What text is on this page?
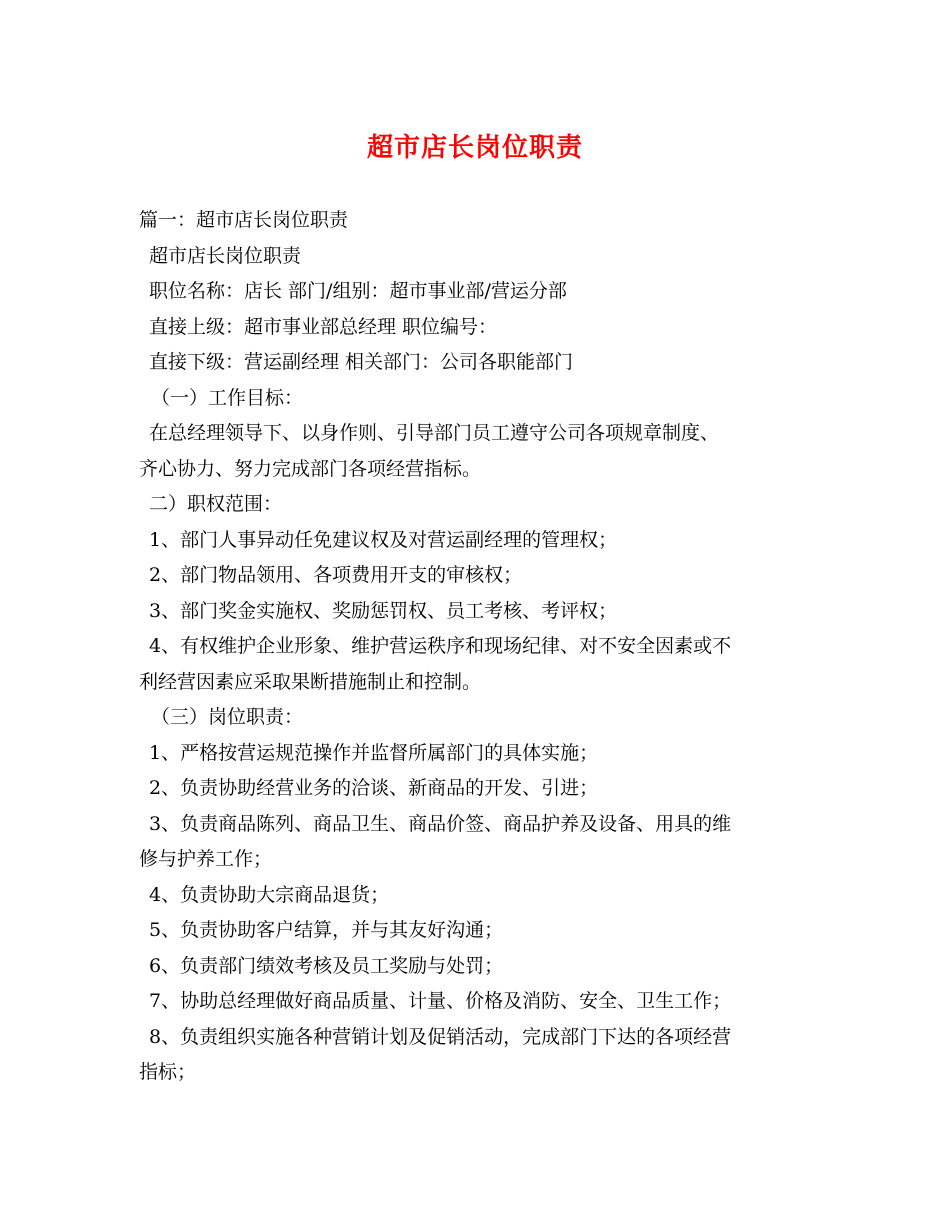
超市店长岗位职责
篇一：超市店长岗位职责
超市店长岗位职责
职位名称：店长 部门/组别：超市事业部/营运分部
直接上级：超市事业部总经理 职位编号：
直接下级：营运副经理 相关部门：公司各职能部门
（一）工作目标：
在总经理领导下、以身作则、引导部门员工遵守公司各项规章制度、
齐心协力、努力完成部门各项经营指标。
二）职权范围：
1、部门人事异动任免建议权及对营运副经理的管理权；
2、部门物品领用、各项费用开支的审核权；
3、部门奖金实施权、奖励惩罚权、员工考核、考评权；
4、有权维护企业形象、维护营运秩序和现场纪律、对不安全因素或不
利经营因素应采取果断措施制止和控制。
（三）岗位职责：
1、严格按营运规范操作并监督所属部门的具体实施；
2、负责协助经营业务的洽谈、新商品的开发、引进；
3、负责商品陈列、商品卫生、商品价签、商品护养及设备、用具的维
修与护养工作；
4、负责协助大宗商品退货；
5、负责协助客户结算，并与其友好沟通；
6、负责部门绩效考核及员工奖励与处罚；
7、协助总经理做好商品质量、计量、价格及消防、安全、卫生工作；
8、负责组织实施各种营销计划及促销活动，完成部门下达的各项经营
指标；
